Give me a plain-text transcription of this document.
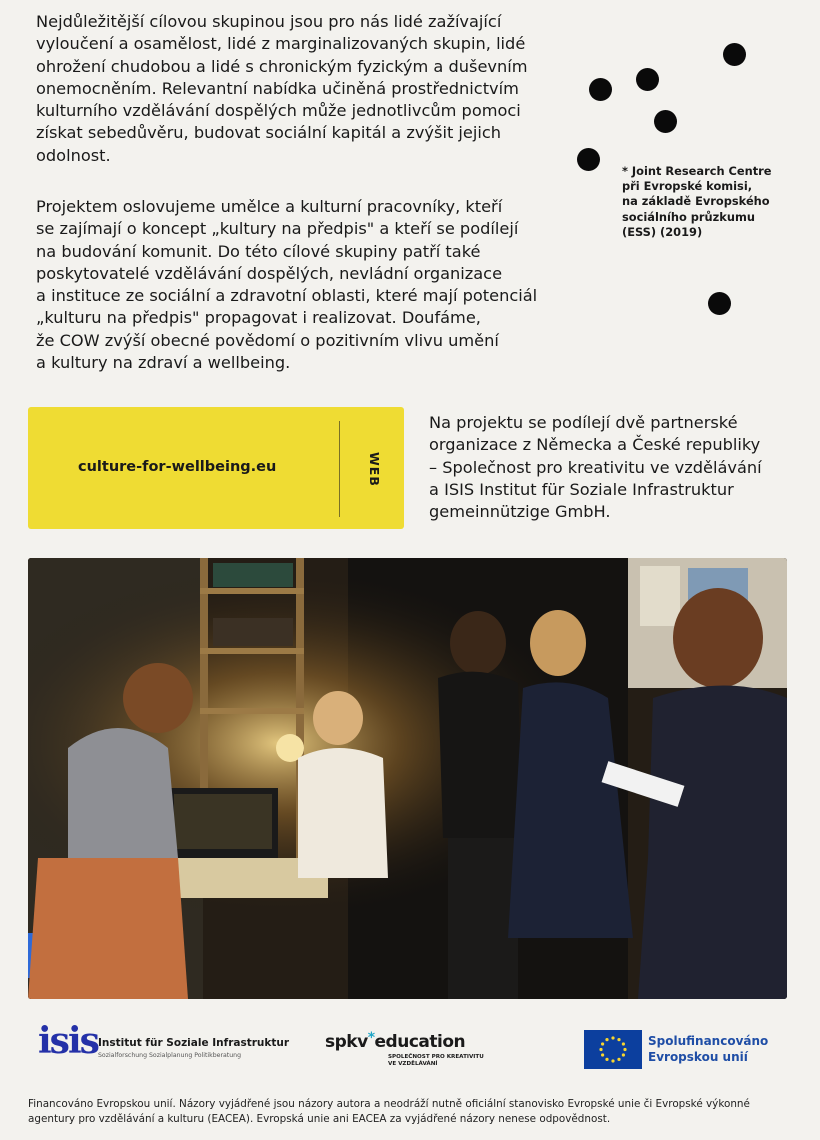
Nejdůležitější cílovou skupinou jsou pro nás lidé zažívající
vyloučení a osamělost, lidé z marginalizovaných skupin, lidé
ohrožení chudobou a lidé s chronickým fyzickým a duševním
onemocněním. Relevantní nabídka učiněná prostřednictvím
kulturního vzdělávání dospělých může jednotlivcům pomoci
získat sebedůvěru, budovat sociální kapitál a zvýšit jejich
odolnost.
Projektem oslovujeme umělce a kulturní pracovníky, kteří
se zajímají o koncept „kultury na předpis" a kteří se podílejí
na budování komunit. Do této cílové skupiny patří také
poskytovatelé vzdělávání dospělých, nevládní organizace
a instituce ze sociální a zdravotní oblasti, které mají potenciál
„kulturu na předpis" propagovat i realizovat. Doufáme,
že COW zvýší obecné povědomí o pozitivním vlivu umění
a kultury na zdraví a wellbeing.
* Joint Research Centre
při Evropské komisi,
na základě Evropského
sociálního průzkumu
(ESS) (2019)
culture-for-wellbeing.eu	WEB
Na projektu se podílejí dvě partnerské
organizace z Německa a České republiky
– Společnost pro kreativitu ve vzdělávání
a ISIS Institut für Soziale Infrastruktur
gemeinnützige GmbH.
isis Institut für Soziale Infrastruktur
Sozialforschung Sozialplanung Politikberatung
spkv*education
SPOLEČNOST PRO KREATIVITU
VE VZDĚLÁVÁNÍ
Spolufinancováno
Evropskou unií
Financováno Evropskou unií. Názory vyjádřené jsou názory autora a neodráží nutně oficiální stanovisko Evropské unie či Evropské výkonné agentury pro vzdělávání a kulturu (EACEA). Evropská unie ani EACEA za vyjádřené názory nenese odpovědnost.
